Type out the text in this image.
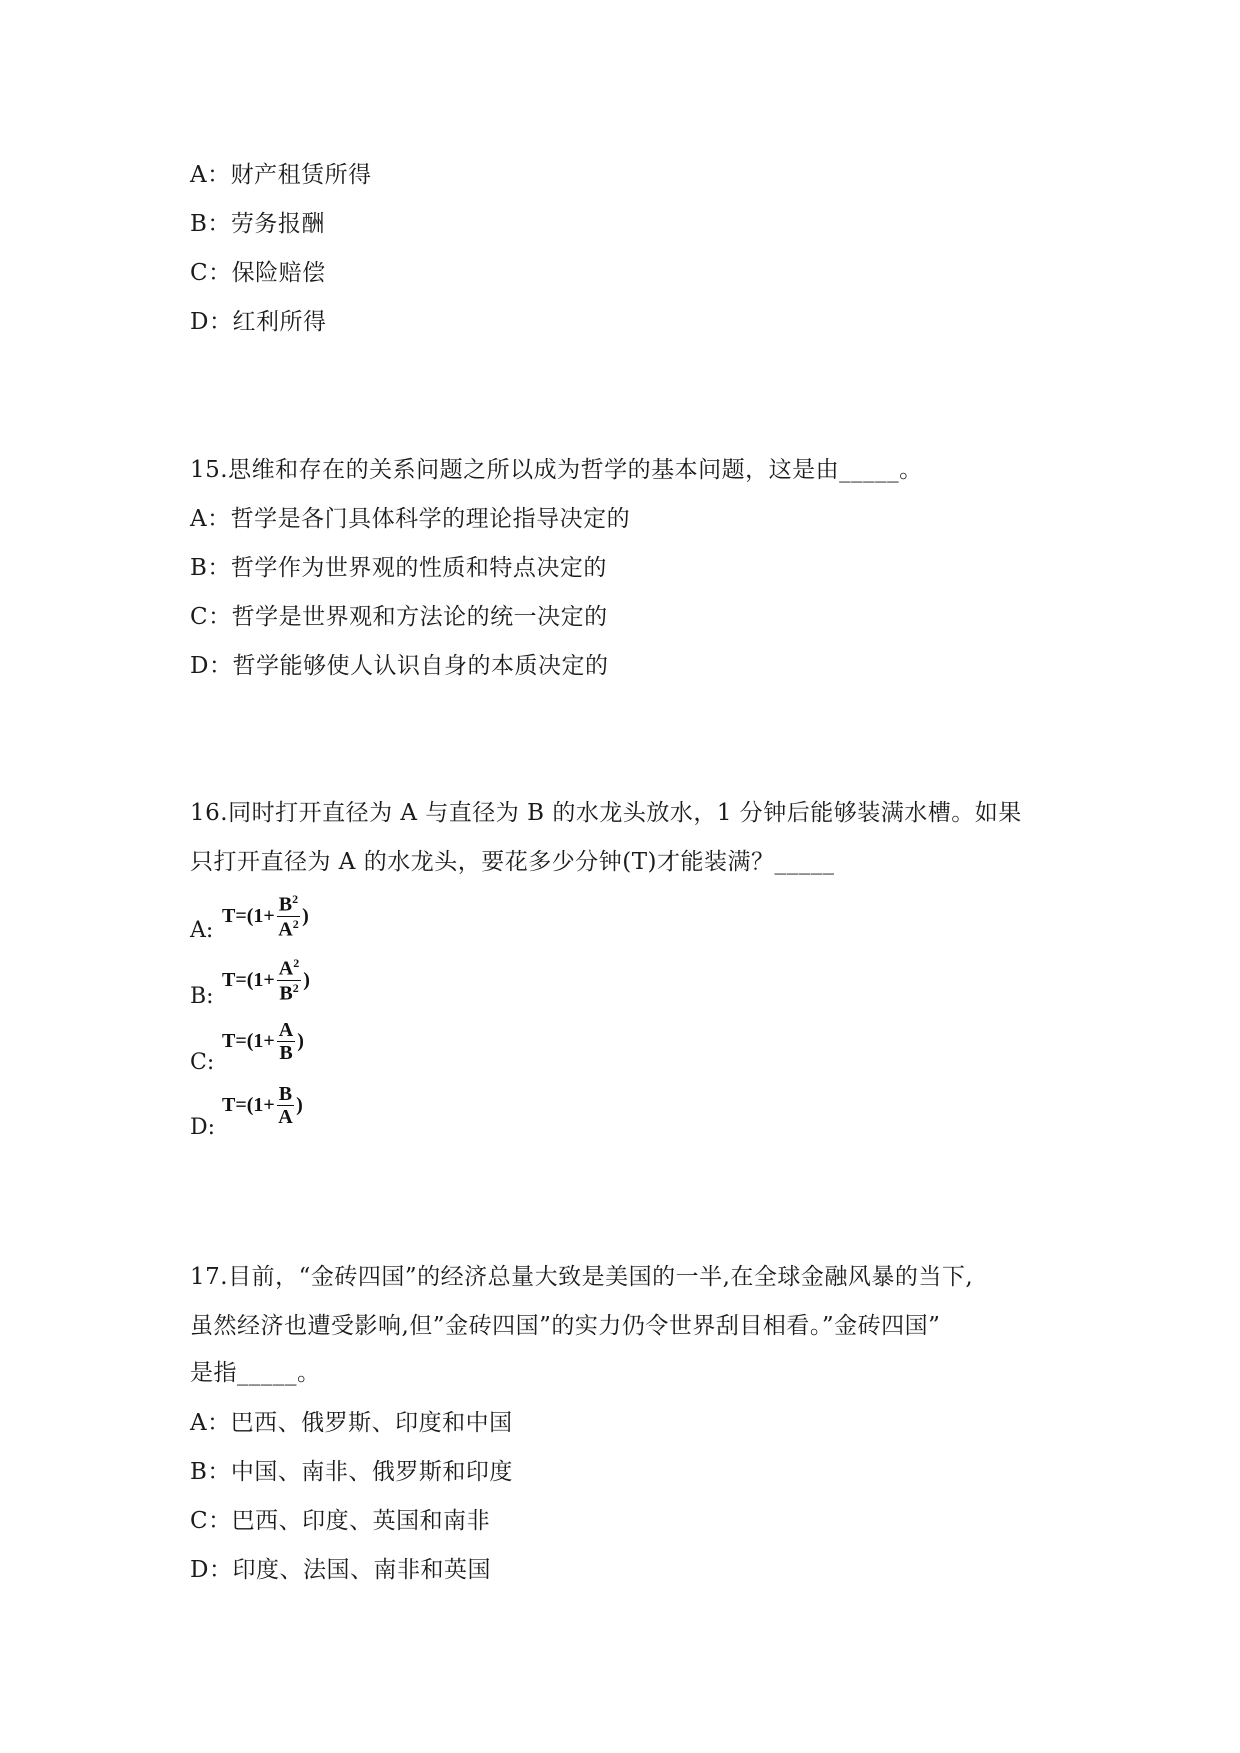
A：财产租赁所得
B：劳务报酬
C：保险赔偿
D：红利所得
15.思维和存在的关系问题之所以成为哲学的基本问题，这是由_____。
A：哲学是各门具体科学的理论指导决定的
B：哲学作为世界观的性质和特点决定的
C：哲学是世界观和方法论的统一决定的
D：哲学能够使人认识自身的本质决定的
16.同时打开直径为 A 与直径为 B 的水龙头放水，1 分钟后能够装满水槽。如果
只打开直径为 A 的水龙头，要花多少分钟(T)才能装满？_____
A:
$T=(1+ \frac{B^2}{A^2}$ )
B:
$T=(1+ \frac{A^2}{B^2}$ )
C:
$T=(1+ \frac{A}{B}$ )
D:
$T=(1+ \frac{B}{A}$ )
17.目前，“金砖四国”的经济总量大致是美国的一半,在全球金融风暴的当下,
虽然经济也遭受影响,但”金砖四国”的实力仍令世界刮目相看。”金砖四国”
是指_____。
A：巴西、俄罗斯、印度和中国
B：中国、南非、俄罗斯和印度
C：巴西、印度、英国和南非
D：印度、法国、南非和英国
